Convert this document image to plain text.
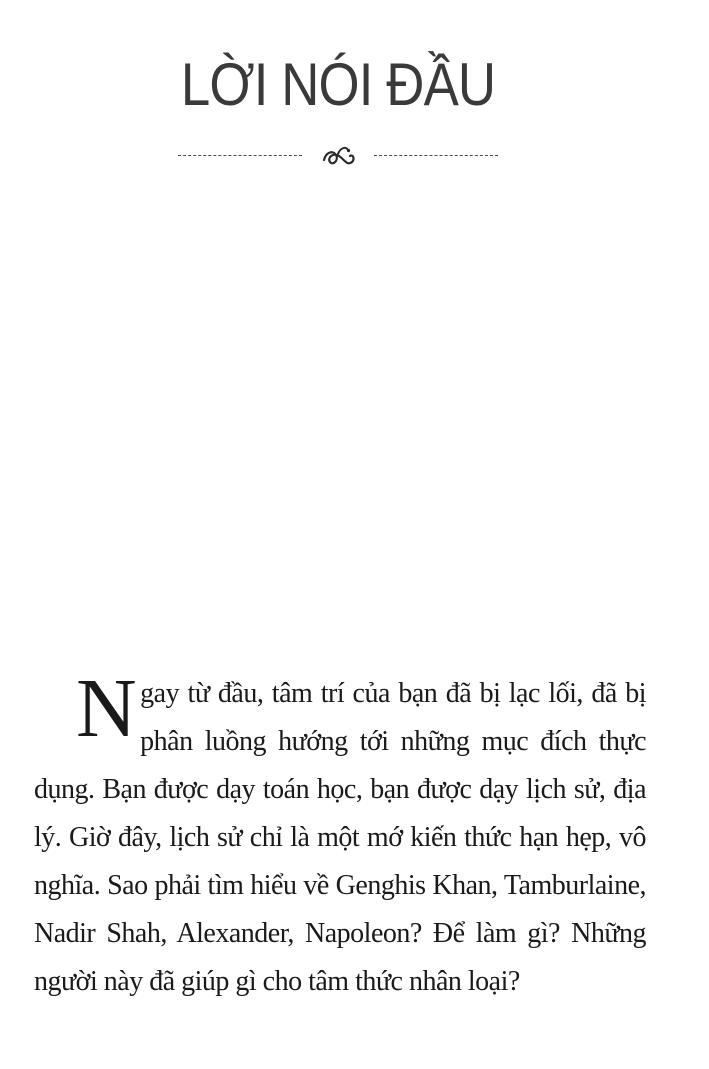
LỜI NÓI ĐẦU
N gay từ đầu, tâm trí của bạn đã bị lạc lối, đã bị phân luồng hướng tới những mục đích thực dụng. Bạn được dạy toán học, bạn được dạy lịch sử, địa lý. Giờ đây, lịch sử chỉ là một mớ kiến thức hạn hẹp, vô nghĩa. Sao phải tìm hiểu về Genghis Khan, Tamburlaine, Nadir Shah, Alexander, Napoleon? Để làm gì? Những người này đã giúp gì cho tâm thức nhân loại?
